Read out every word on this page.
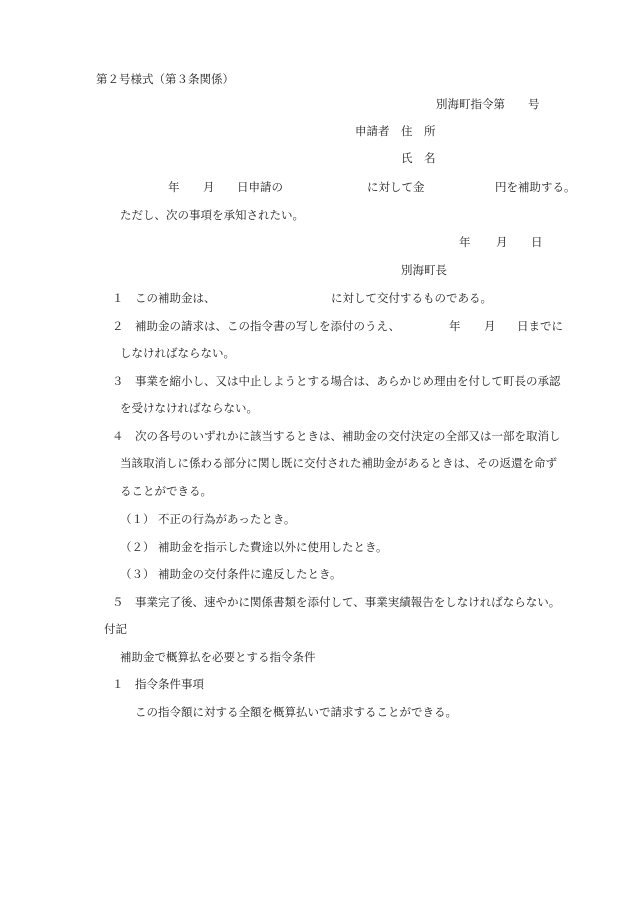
第２号様式（第３条関係）
別海町指令第　　号
申請者 住　所
氏　名
年 月 日申請の	に対して金	円を補助する。
ただし、次の事項を承知されたい。
年 月 日
別海町長
１ この補助金は、	に対して交付するものである。
２ 補助金の請求は、この指令書の写しを添付のうえ、	年 月 日までに
しなければならない。
３ 事業を縮小し、又は中止しようとする場合は、あらかじめ理由を付して町長の承認
を受けなければならない。
４ 次の各号のいずれかに該当するときは、補助金の交付決定の全部又は一部を取消し
当該取消しに係わる部分に関し既に交付された補助金があるときは、その返還を命ず
ることができる。
（１） 不正の行為があったとき。
（２） 補助金を指示した費途以外に使用したとき。
（３） 補助金の交付条件に違反したとき。
５ 事業完了後、速やかに関係書類を添付して、事業実績報告をしなければならない。
付記
補助金で概算払を必要とする指令条件
１ 指令条件事項
この指令額に対する全額を概算払いで請求することができる。
